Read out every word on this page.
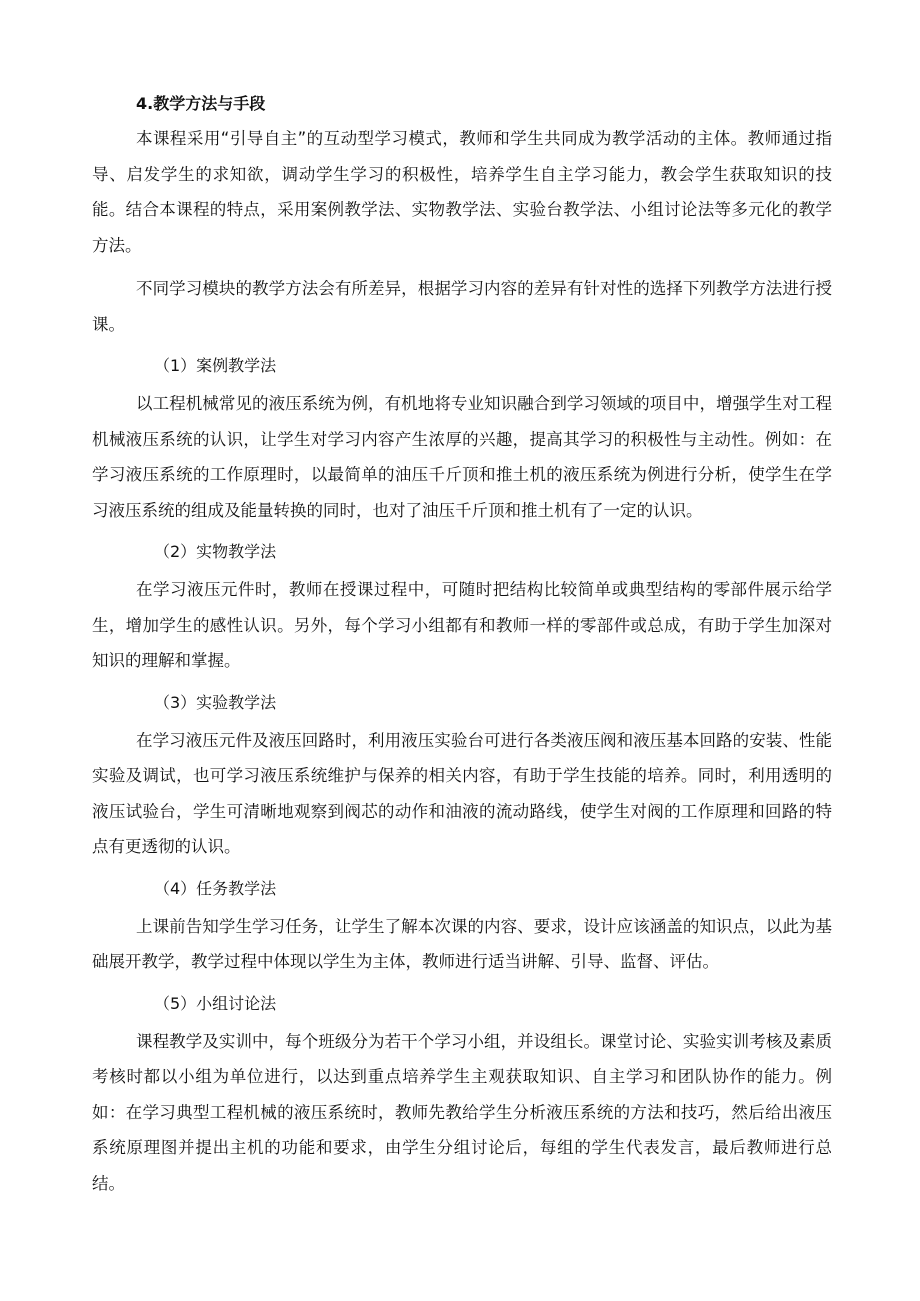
4.教学方法与手段

本课程采用“引导自主”的互动型学习模式，教师和学生共同成为教学活动的主体。教师通过指导、启发学生的求知欲，调动学生学习的积极性，培养学生自主学习能力，教会学生获取知识的技能。结合本课程的特点，采用案例教学法、实物教学法、实验台教学法、小组讨论法等多元化的教学方法。

不同学习模块的教学方法会有所差异，根据学习内容的差异有针对性的选择下列教学方法进行授课。

（1）案例教学法

以工程机械常见的液压系统为例，有机地将专业知识融合到学习领域的项目中，增强学生对工程机械液压系统的认识，让学生对学习内容产生浓厚的兴趣，提高其学习的积极性与主动性。例如：在学习液压系统的工作原理时，以最简单的油压千斤顶和推土机的液压系统为例进行分析，使学生在学习液压系统的组成及能量转换的同时，也对了油压千斤顶和推土机有了一定的认识。

（2）实物教学法

在学习液压元件时，教师在授课过程中，可随时把结构比较简单或典型结构的零部件展示给学生，增加学生的感性认识。另外，每个学习小组都有和教师一样的零部件或总成，有助于学生加深对知识的理解和掌握。

（3）实验教学法

在学习液压元件及液压回路时，利用液压实验台可进行各类液压阀和液压基本回路的安装、性能实验及调试，也可学习液压系统维护与保养的相关内容，有助于学生技能的培养。同时，利用透明的液压试验台，学生可清晰地观察到阀芯的动作和油液的流动路线，使学生对阀的工作原理和回路的特点有更透彻的认识。

（4）任务教学法

上课前告知学生学习任务，让学生了解本次课的内容、要求，设计应该涵盖的知识点，以此为基础展开教学，教学过程中体现以学生为主体，教师进行适当讲解、引导、监督、评估。

（5）小组讨论法

课程教学及实训中，每个班级分为若干个学习小组，并设组长。课堂讨论、实验实训考核及素质考核时都以小组为单位进行，以达到重点培养学生主观获取知识、自主学习和团队协作的能力。例如：在学习典型工程机械的液压系统时，教师先教给学生分析液压系统的方法和技巧，然后给出液压系统原理图并提出主机的功能和要求，由学生分组讨论后，每组的学生代表发言，最后教师进行总结。
